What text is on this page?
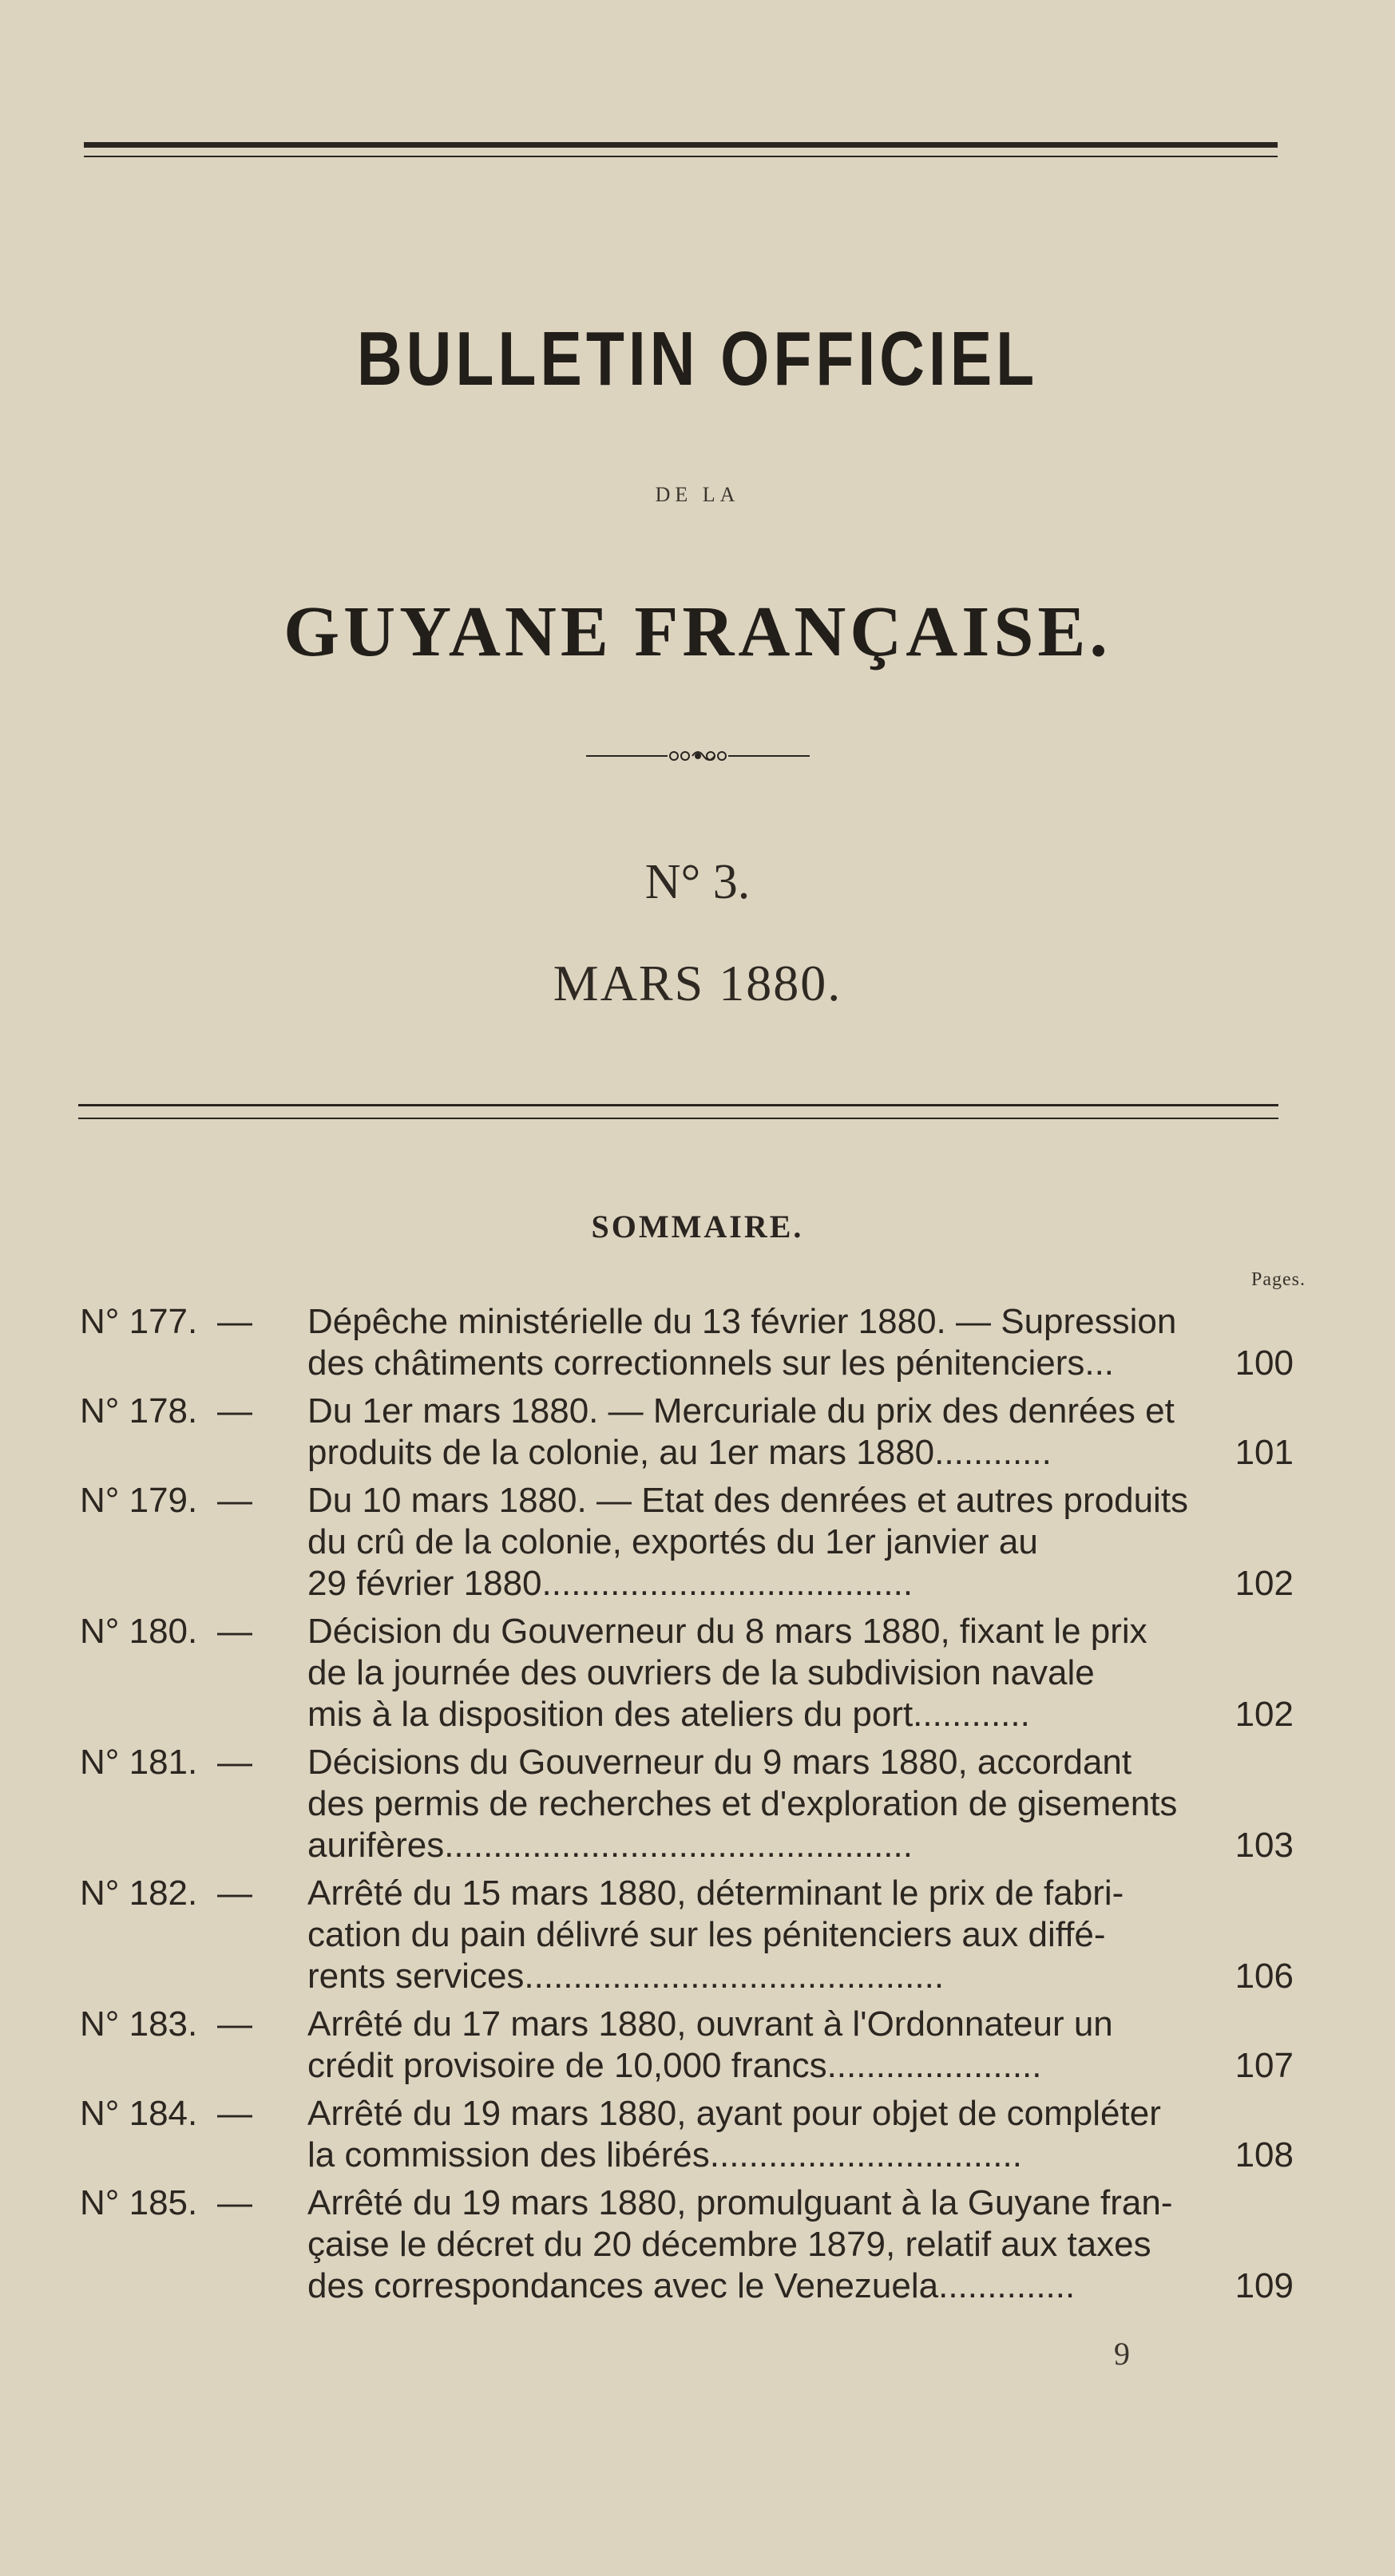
BULLETIN OFFICIEL
DE LA
GUYANE FRANÇAISE.
N° 3.
MARS 1880.
SOMMAIRE.
Pages.
N° 177. — Dépêche ministérielle du 13 février 1880. — Supression
des châtiments correctionnels sur les pénitenciers...	100
N° 178. — Du 1er mars 1880. — Mercuriale du prix des denrées et
produits de la colonie, au 1er mars 1880............	101
N° 179. — Du 10 mars 1880. — Etat des denrées et autres produits
du crû de la colonie, exportés du 1er janvier au
29 février 1880......................................	102
N° 180. — Décision du Gouverneur du 8 mars 1880, fixant le prix
de la journée des ouvriers de la subdivision navale
mis à la disposition des ateliers du port............	102
N° 181. — Décisions du Gouverneur du 9 mars 1880, accordant
des permis de recherches et d'exploration de gisements
aurifères................................................	103
N° 182. — Arrêté du 15 mars 1880, déterminant le prix de fabri-
cation du pain délivré sur les pénitenciers aux diffé-
rents services...........................................	106
N° 183. — Arrêté du 17 mars 1880, ouvrant à l'Ordonnateur un
crédit provisoire de 10,000 francs......................	107
N° 184. — Arrêté du 19 mars 1880, ayant pour objet de compléter
la commission des libérés................................	108
N° 185. — Arrêté du 19 mars 1880, promulguant à la Guyane fran-
çaise le décret du 20 décembre 1879, relatif aux taxes
des correspondances avec le Venezuela..............	109
9
